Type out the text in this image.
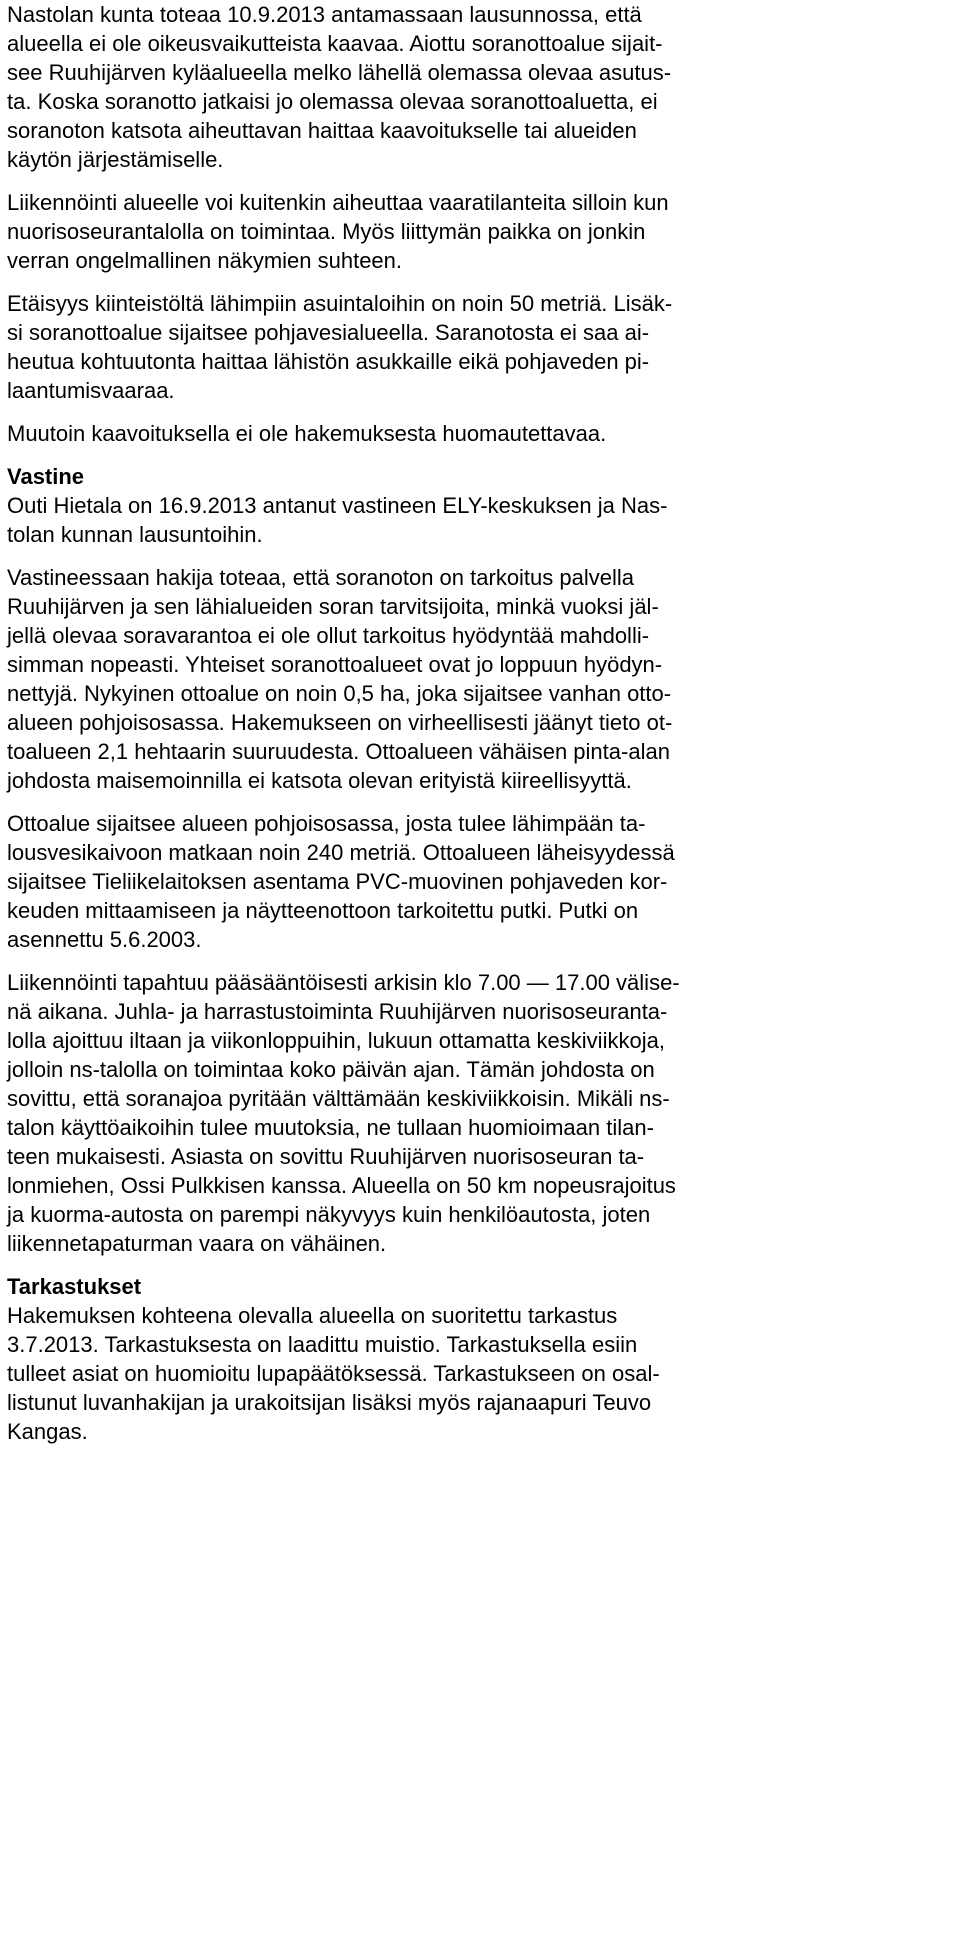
Nastolan kunta toteaa 10.9.2013 antamassaan lausunnossa, että
alueella ei ole oikeusvaikutteista kaavaa. Aiottu soranottoalue sijait-
see Ruuhijärven kyläalueella melko lähellä olemassa olevaa asutus-
ta. Koska soranotto jatkaisi jo olemassa olevaa soranottoaluetta, ei
soranoton katsota aiheuttavan haittaa kaavoitukselle tai alueiden
käytön järjestämiselle.
Liikennöinti alueelle voi kuitenkin aiheuttaa vaaratilanteita silloin kun
nuorisoseurantalolla on toimintaa. Myös liittymän paikka on jonkin
verran ongelmallinen näkymien suhteen.
Etäisyys kiinteistöltä lähimpiin asuintaloihin on noin 50 metriä. Lisäk-
si soranottoalue sijaitsee pohjavesialueella. Saranotosta ei saa ai-
heutua kohtuutonta haittaa lähistön asukkaille eikä pohjaveden pi-
laantumisvaaraa.
Muutoin kaavoituksella ei ole hakemuksesta huomautettavaa.
Vastine
Outi Hietala on 16.9.2013 antanut vastineen ELY-keskuksen ja Nas-
tolan kunnan lausuntoihin.
Vastineessaan hakija toteaa, että soranoton on tarkoitus palvella
Ruuhijärven ja sen lähialueiden soran tarvitsijoita, minkä vuoksi jäl-
jellä olevaa soravarantoa ei ole ollut tarkoitus hyödyntää mahdolli-
simman nopeasti. Yhteiset soranottoalueet ovat jo loppuun hyödyn-
nettyjä. Nykyinen ottoalue on noin 0,5 ha, joka sijaitsee vanhan otto-
alueen pohjoisosassa. Hakemukseen on virheellisesti jäänyt tieto ot-
toalueen 2,1 hehtaarin suuruudesta. Ottoalueen vähäisen pinta-alan
johdosta maisemoinnilla ei katsota olevan erityistä kiireellisyyttä.
Ottoalue sijaitsee alueen pohjoisosassa, josta tulee lähimpään ta-
lousvesikaivoon matkaan noin 240 metriä. Ottoalueen läheisyydessä
sijaitsee Tieliikelaitoksen asentama PVC-muovinen pohjaveden kor-
keuden mittaamiseen ja näytteenottoon tarkoitettu putki. Putki on
asennettu 5.6.2003.
Liikennöinti tapahtuu pääsääntöisesti arkisin klo 7.00 — 17.00 välise-
nä aikana. Juhla- ja harrastustoiminta Ruuhijärven nuorisoseuranta-
lolla ajoittuu iltaan ja viikonloppuihin, lukuun ottamatta keskiviikkoja,
jolloin ns-talolla on toimintaa koko päivän ajan. Tämän johdosta on
sovittu, että soranajoa pyritään välttämään keskiviikkoisin. Mikäli ns-
talon käyttöaikoihin tulee muutoksia, ne tullaan huomioimaan tilan-
teen mukaisesti. Asiasta on sovittu Ruuhijärven nuorisoseuran ta-
lonmiehen, Ossi Pulkkisen kanssa. Alueella on 50 km nopeusrajoitus
ja kuorma-autosta on parempi näkyvyys kuin henkilöautosta, joten
liikennetapaturman vaara on vähäinen.
Tarkastukset
Hakemuksen kohteena olevalla alueella on suoritettu tarkastus
3.7.2013. Tarkastuksesta on laadittu muistio. Tarkastuksella esiin
tulleet asiat on huomioitu lupapäätöksessä. Tarkastukseen on osal-
listunut luvanhakijan ja urakoitsijan lisäksi myös rajanaapuri Teuvo
Kangas.
